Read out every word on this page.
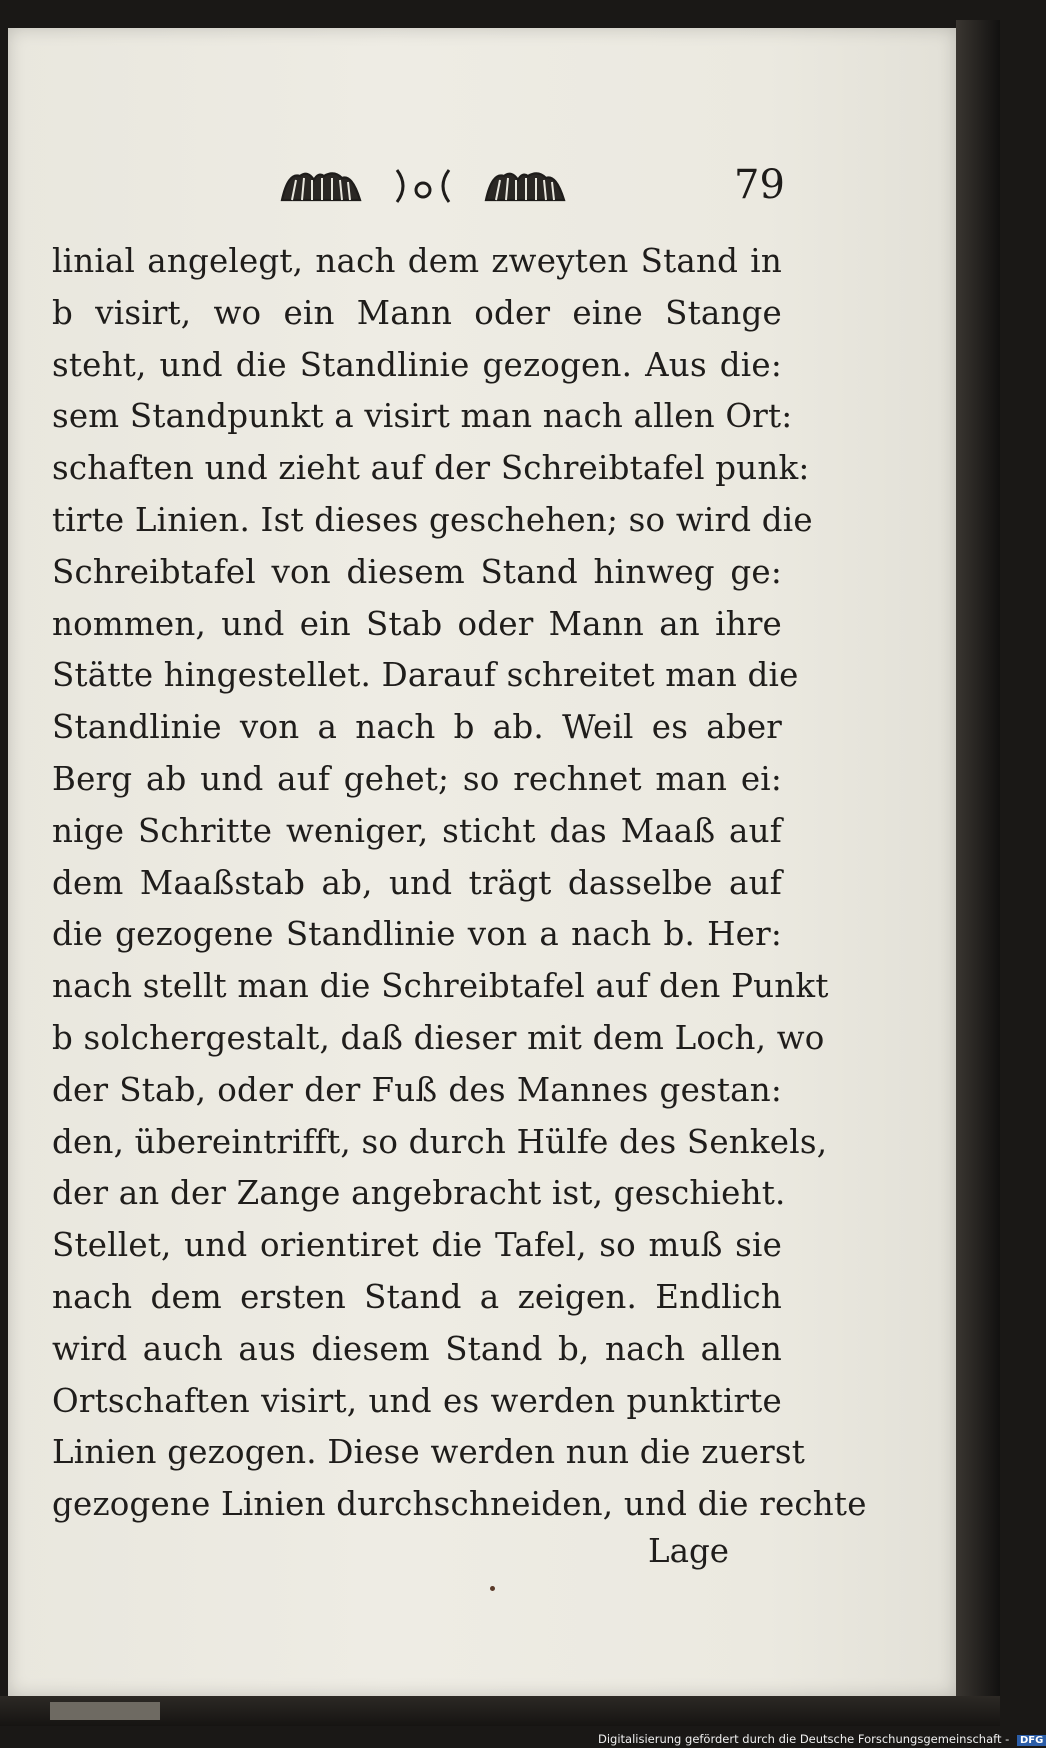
79
linial angelegt, nach dem zweyten Stand in
b visirt, wo ein Mann oder eine Stange
steht, und die Standlinie gezogen. Aus die:
sem Standpunkt a visirt man nach allen Ort:
schaften und zieht auf der Schreibtafel punk:
tirte Linien. Ist dieses geschehen; so wird die
Schreibtafel von diesem Stand hinweg ge:
nommen, und ein Stab oder Mann an ihre
Stätte hingestellet. Darauf schreitet man die
Standlinie von a nach b ab. Weil es aber
Berg ab und auf gehet; so rechnet man ei:
nige Schritte weniger, sticht das Maaß auf
dem Maaßstab ab, und trägt dasselbe auf
die gezogene Standlinie von a nach b. Her:
nach stellt man die Schreibtafel auf den Punkt
b solchergestalt, daß dieser mit dem Loch, wo
der Stab, oder der Fuß des Mannes gestan:
den, übereintrifft, so durch Hülfe des Senkels,
der an der Zange angebracht ist, geschieht.
Stellet, und orientiret die Tafel, so muß sie
nach dem ersten Stand a zeigen. Endlich
wird auch aus diesem Stand b, nach allen
Ortschaften visirt, und es werden punktirte
Linien gezogen. Diese werden nun die zuerst
gezogene Linien durchschneiden, und die rechte
Lage
Digitalisierung gefördert durch die Deutsche Forschungsgemeinschaft - DFG
